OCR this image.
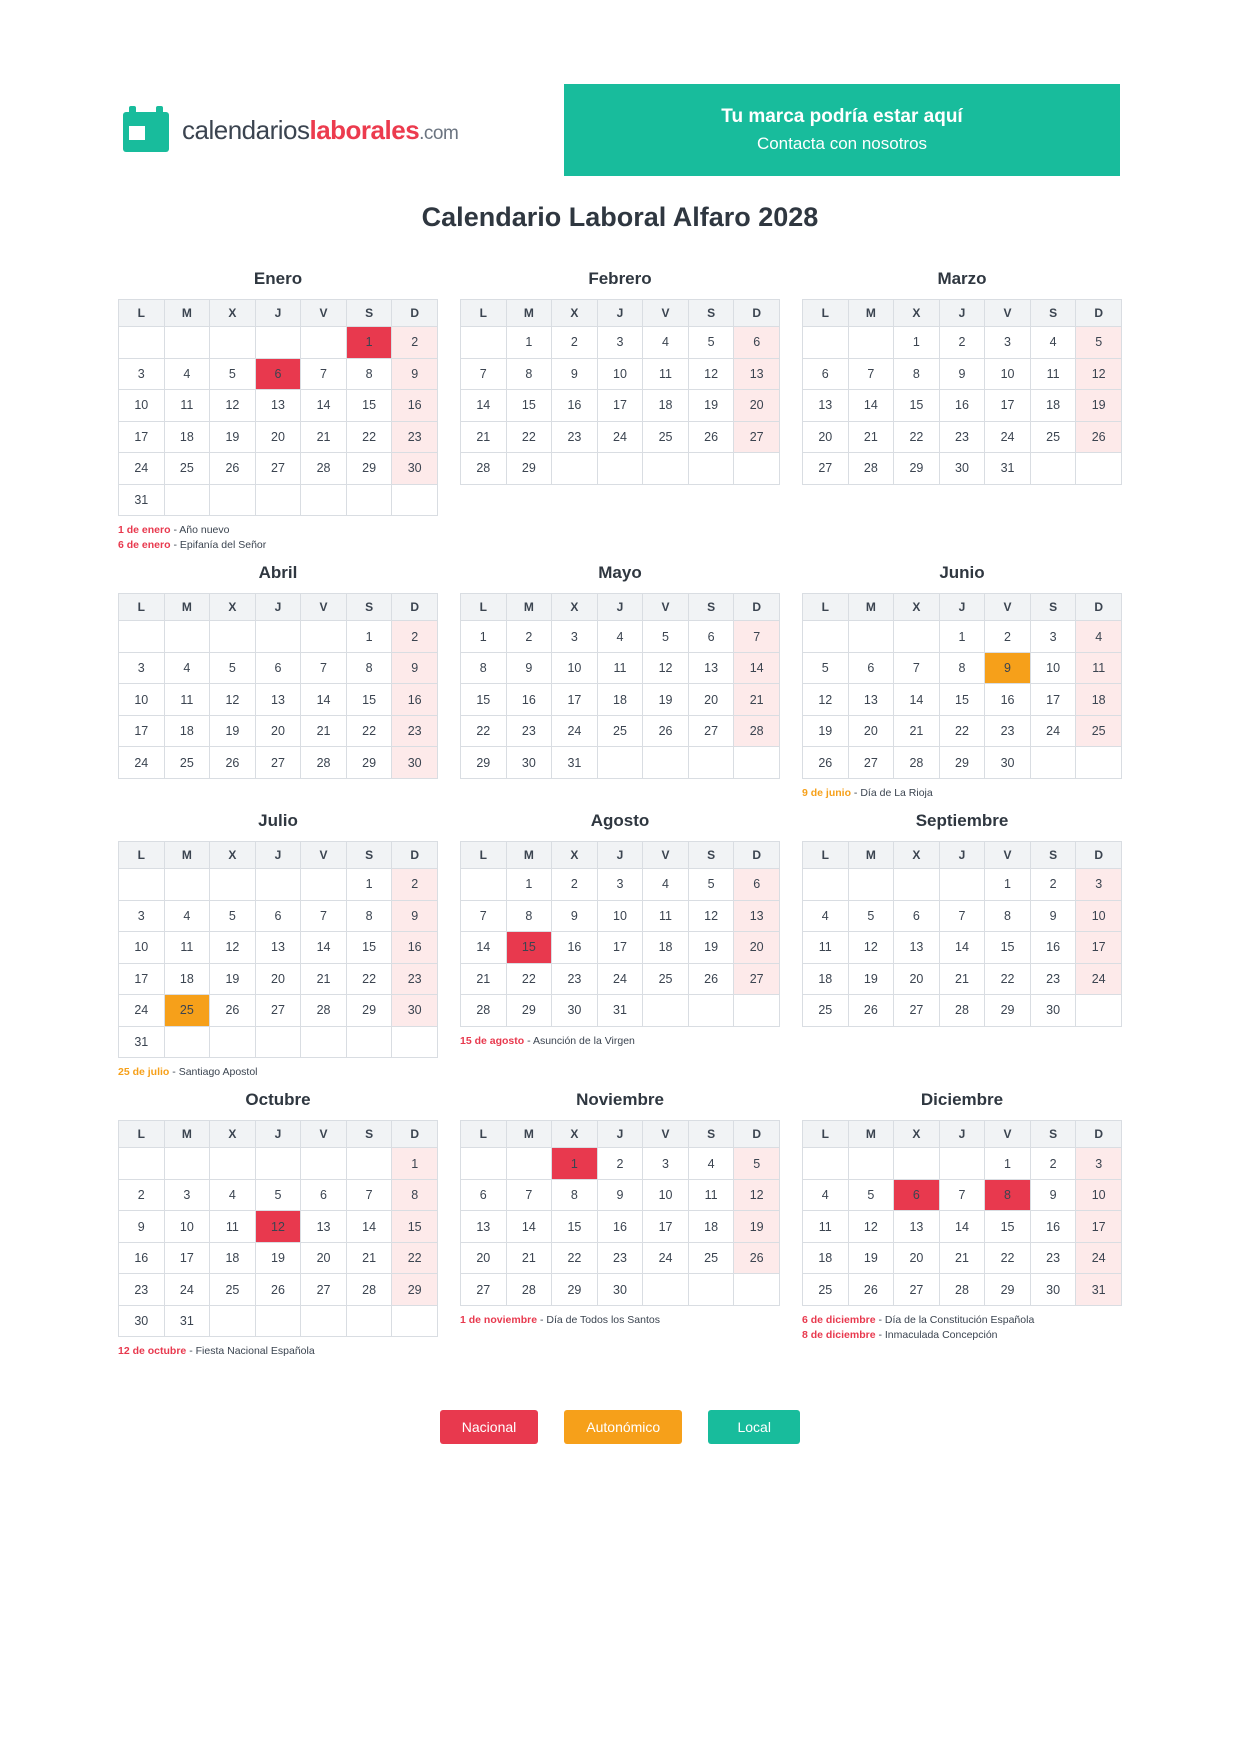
calendarioslaborales.com
Tu marca podría estar aquí
Contacta con nosotros
Calendario Laboral Alfaro 2028
Enero
L	M	X	J	V	S	D
					1	2
3	4	5	6	7	8	9
10	11	12	13	14	15	16
17	18	19	20	21	22	23
24	25	26	27	28	29	30
31						
1 de enero - Año nuevo
6 de enero - Epifanía del Señor
Febrero
L	M	X	J	V	S	D
	1	2	3	4	5	6
7	8	9	10	11	12	13
14	15	16	17	18	19	20
21	22	23	24	25	26	27
28	29					
Marzo
L	M	X	J	V	S	D
		1	2	3	4	5
6	7	8	9	10	11	12
13	14	15	16	17	18	19
20	21	22	23	24	25	26
27	28	29	30	31		
Abril
L	M	X	J	V	S	D
					1	2
3	4	5	6	7	8	9
10	11	12	13	14	15	16
17	18	19	20	21	22	23
24	25	26	27	28	29	30
Mayo
L	M	X	J	V	S	D
1	2	3	4	5	6	7
8	9	10	11	12	13	14
15	16	17	18	19	20	21
22	23	24	25	26	27	28
29	30	31				
Junio
L	M	X	J	V	S	D
			1	2	3	4
5	6	7	8	9	10	11
12	13	14	15	16	17	18
19	20	21	22	23	24	25
26	27	28	29	30		
9 de junio - Día de La Rioja
Julio
L	M	X	J	V	S	D
					1	2
3	4	5	6	7	8	9
10	11	12	13	14	15	16
17	18	19	20	21	22	23
24	25	26	27	28	29	30
31						
25 de julio - Santiago Apostol
Agosto
L	M	X	J	V	S	D
	1	2	3	4	5	6
7	8	9	10	11	12	13
14	15	16	17	18	19	20
21	22	23	24	25	26	27
28	29	30	31			
15 de agosto - Asunción de la Virgen
Septiembre
L	M	X	J	V	S	D
				1	2	3
4	5	6	7	8	9	10
11	12	13	14	15	16	17
18	19	20	21	22	23	24
25	26	27	28	29	30	
Octubre
L	M	X	J	V	S	D
						1
2	3	4	5	6	7	8
9	10	11	12	13	14	15
16	17	18	19	20	21	22
23	24	25	26	27	28	29
30	31					
12 de octubre - Fiesta Nacional Española
Noviembre
L	M	X	J	V	S	D
		1	2	3	4	5
6	7	8	9	10	11	12
13	14	15	16	17	18	19
20	21	22	23	24	25	26
27	28	29	30			
1 de noviembre - Día de Todos los Santos
Diciembre
L	M	X	J	V	S	D
				1	2	3
4	5	6	7	8	9	10
11	12	13	14	15	16	17
18	19	20	21	22	23	24
25	26	27	28	29	30	31
6 de diciembre - Día de la Constitución Española
8 de diciembre - Inmaculada Concepción
Nacional	Autonómico	Local
